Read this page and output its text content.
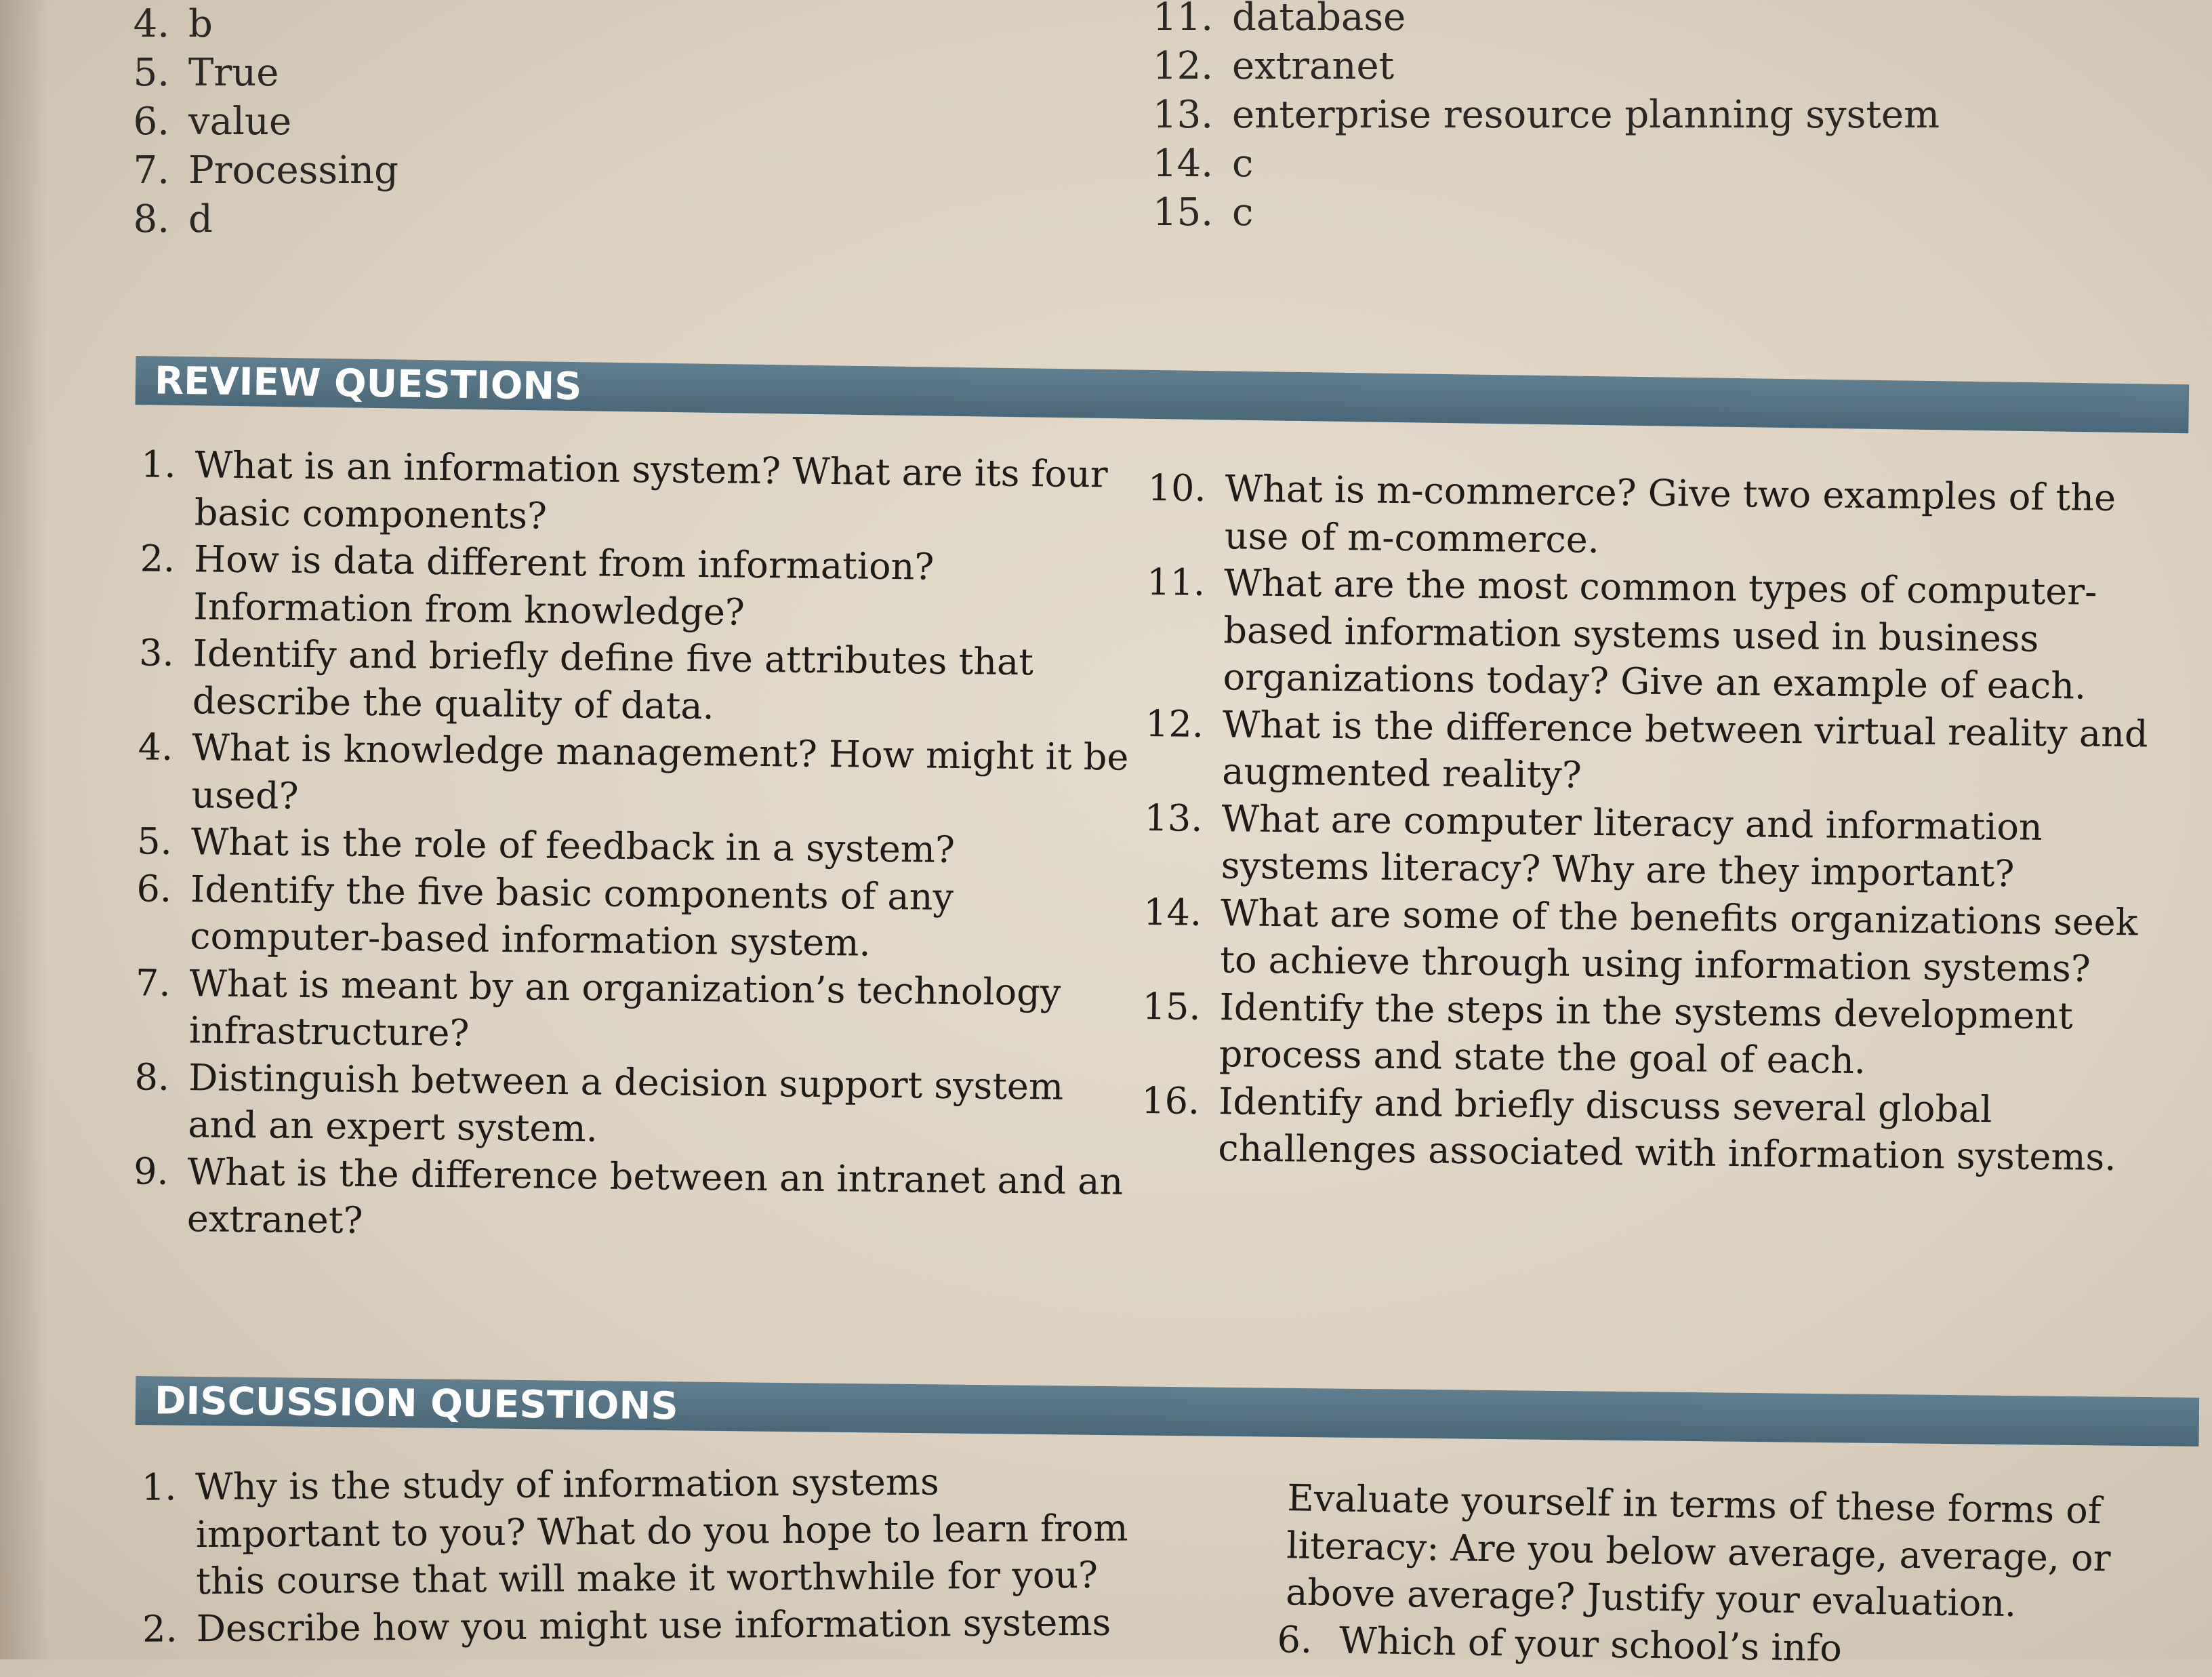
4. b
5. True
6. value
7. Processing
8. d
11. database
12. extranet
13. enterprise resource planning system
14. c
15. c
REVIEW QUESTIONS
1. What is an information system? What are its four basic components?
2. How is data different from information? Information from knowledge?
3. Identify and briefly define five attributes that describe the quality of data.
4. What is knowledge management? How might it be used?
5. What is the role of feedback in a system?
6. Identify the five basic components of any computer-based information system.
7. What is meant by an organization’s technology infrastructure?
8. Distinguish between a decision support system and an expert system.
9. What is the difference between an intranet and an extranet?
10. What is m-commerce? Give two examples of the use of m-commerce.
11. What are the most common types of computer-based information systems used in business organizations today? Give an example of each.
12. What is the difference between virtual reality and augmented reality?
13. What are computer literacy and information systems literacy? Why are they important?
14. What are some of the benefits organizations seek to achieve through using information systems?
15. Identify the steps in the systems development process and state the goal of each.
16. Identify and briefly discuss several global challenges associated with information systems.
DISCUSSION QUESTIONS
1. Why is the study of information systems important to you? What do you hope to learn from this course that will make it worthwhile for you?
2. Describe how you might use information systems
Evaluate yourself in terms of these forms of literacy: Are you below average, average, or above average? Justify your evaluation.
6. Which of your school’s info
